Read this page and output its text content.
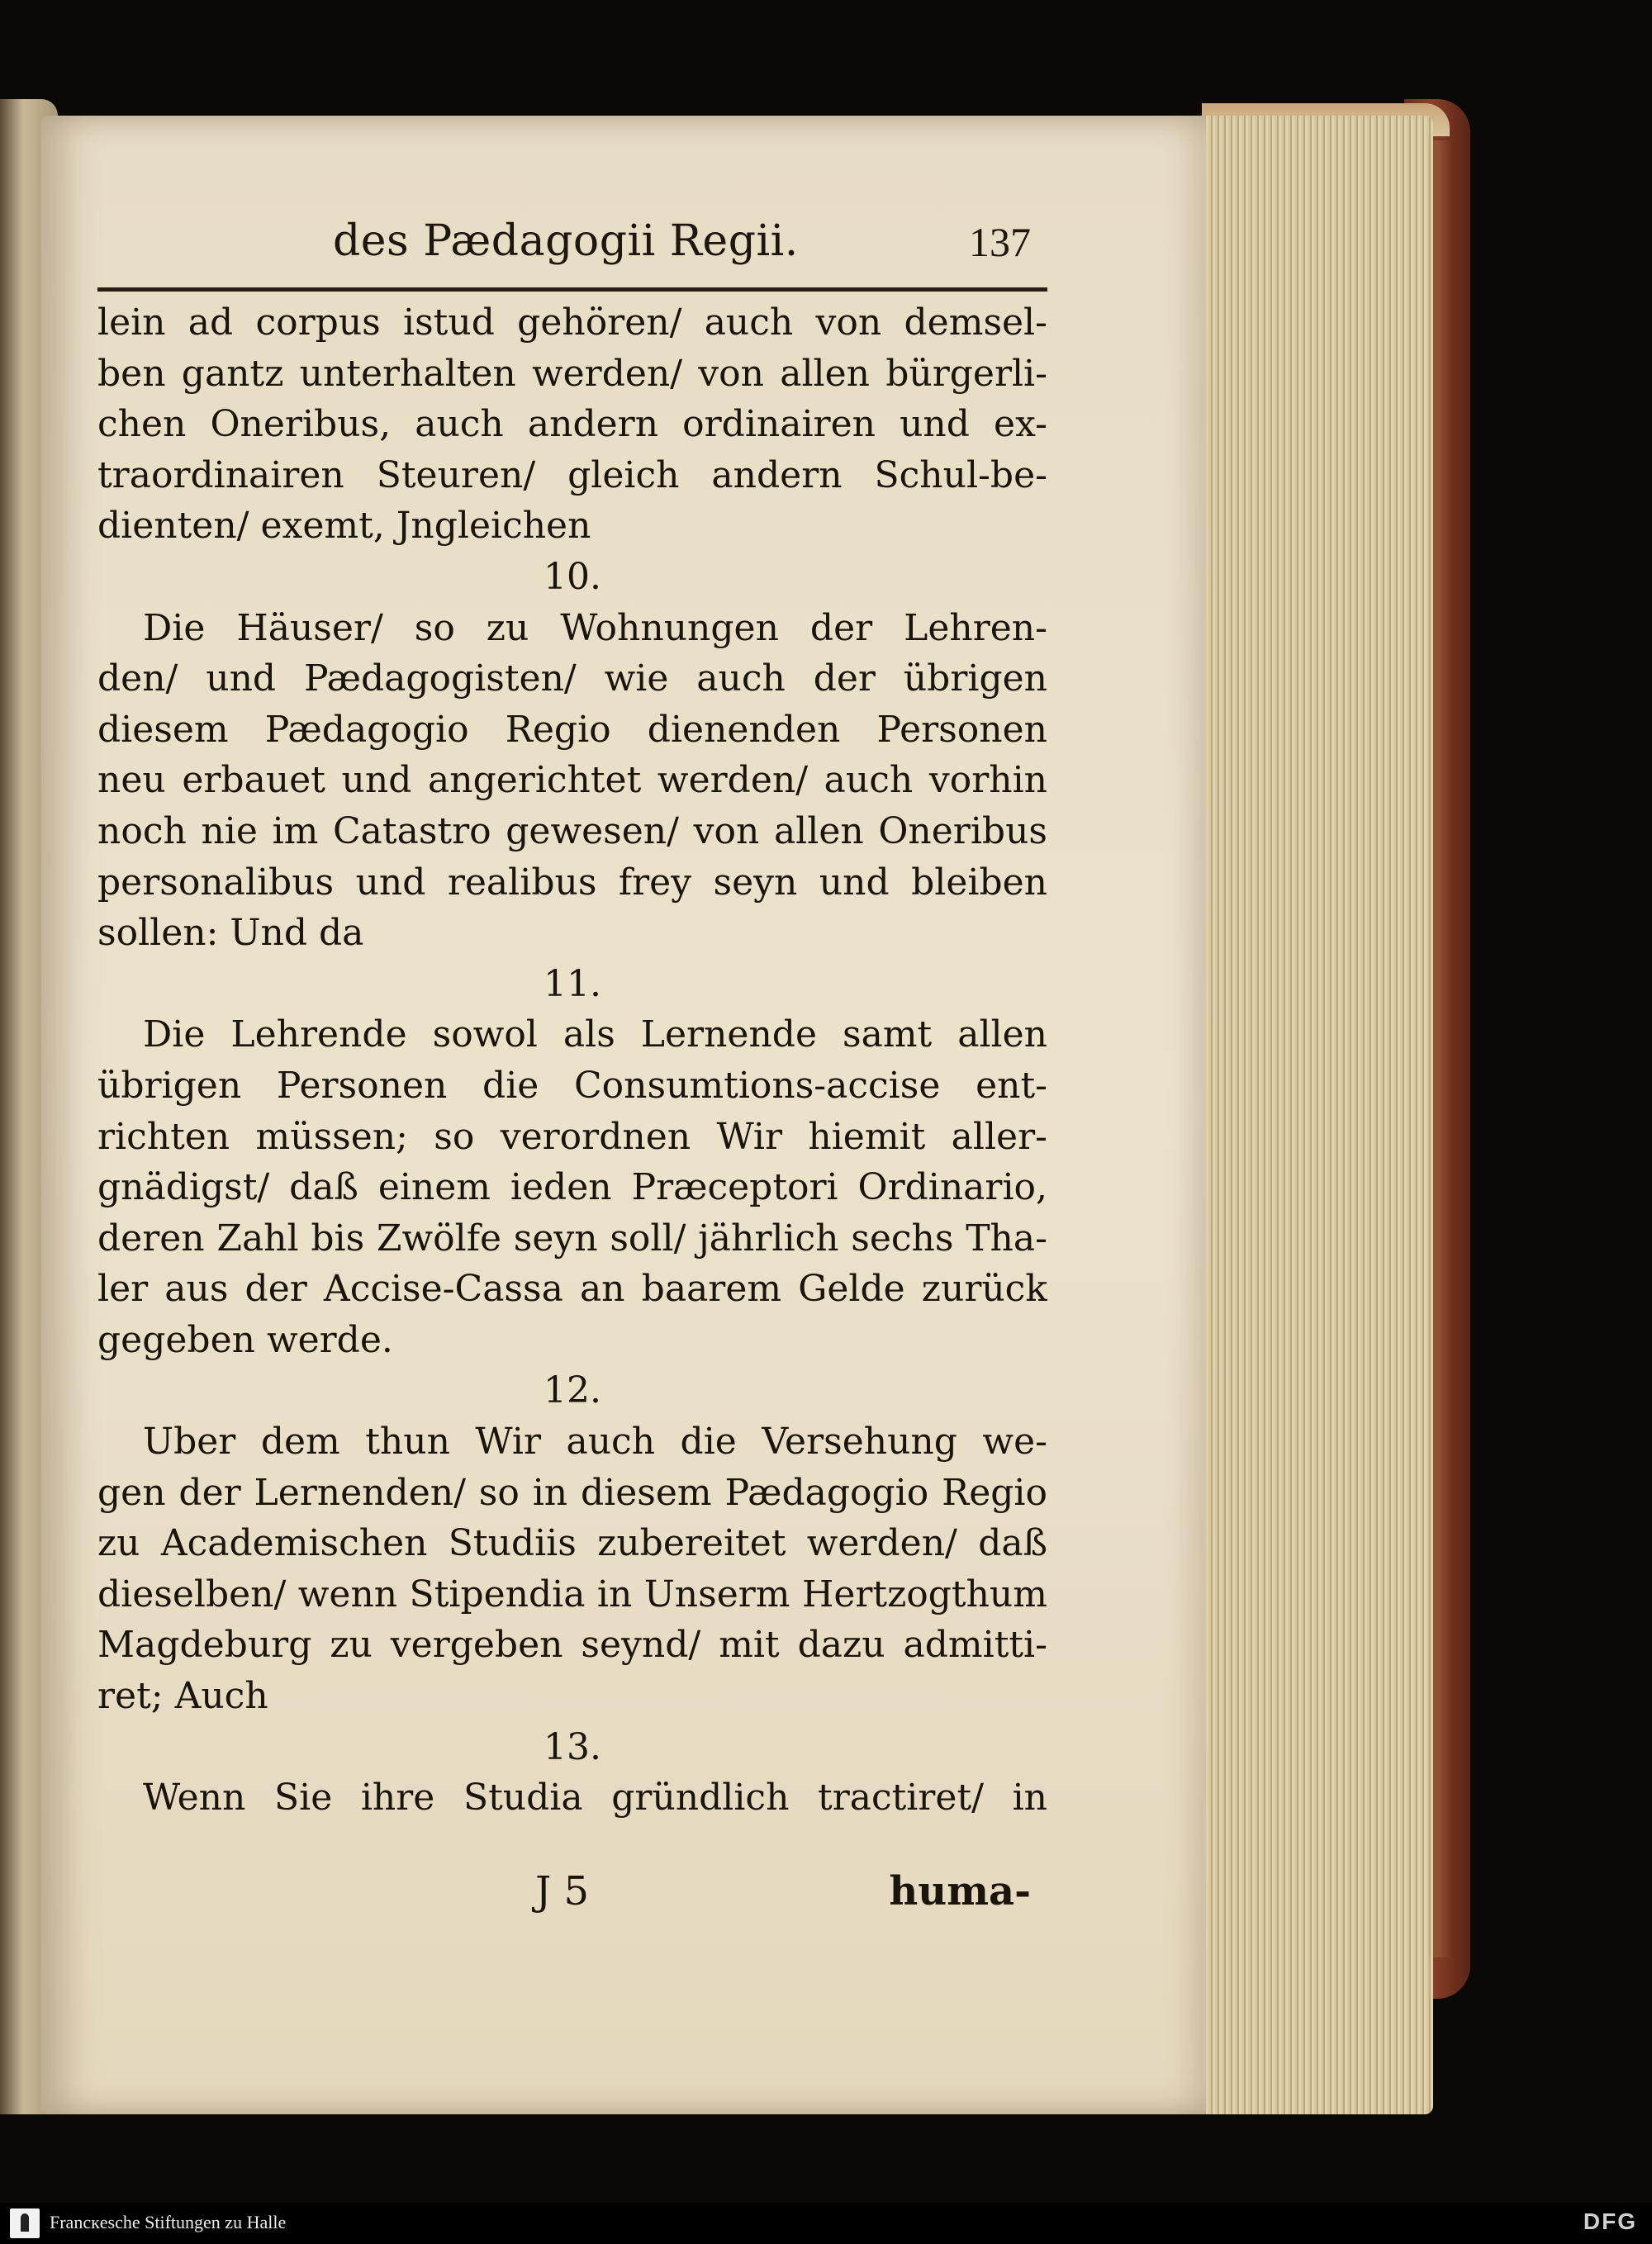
des Pædagogii Regii.	137
lein ad corpus istud gehören/ auch von demsel-
ben gantz unterhalten werden/ von allen bürgerli-
chen Oneribus, auch andern ordinairen und ex-
traordinairen Steuren/ gleich andern Schul-be-
dienten/ exemt, Jngleichen
10.
Die Häuser/ so zu Wohnungen der Lehren-
den/ und Pædagogisten/ wie auch der übrigen
diesem Pædagogio Regio dienenden Personen
neu erbauet und angerichtet werden/ auch vorhin
noch nie im Catastro gewesen/ von allen Oneribus
personalibus und realibus frey seyn und bleiben
sollen: Und da
11.
Die Lehrende sowol als Lernende samt allen
übrigen Personen die Consumtions-accise ent-
richten müssen; so verordnen Wir hiemit aller-
gnädigst/ daß einem ieden Præceptori Ordinario,
deren Zahl bis Zwölfe seyn soll/ jährlich sechs Tha-
ler aus der Accise-Cassa an baarem Gelde zurück
gegeben werde.
12.
Uber dem thun Wir auch die Versehung we-
gen der Lernenden/ so in diesem Pædagogio Regio
zu Academischen Studiis zubereitet werden/ daß
dieselben/ wenn Stipendia in Unserm Hertzogthum
Magdeburg zu vergeben seynd/ mit dazu admitti-
ret; Auch
13.
Wenn Sie ihre Studia gründlich tractiret/ in
J 5	huma-
Francкesche Stiftungen zu Halle	DFG
